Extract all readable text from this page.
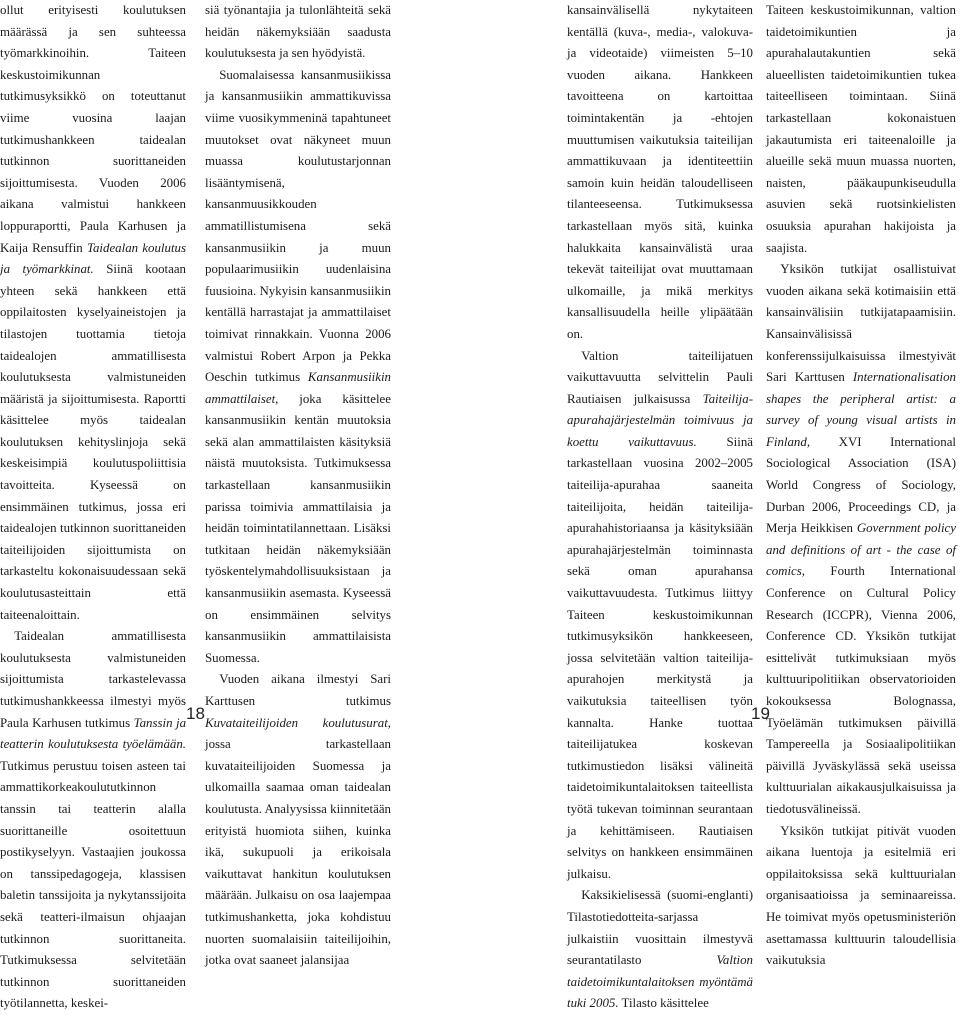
ollut erityisesti koulutuksen määrässä ja sen suhteessa työmarkkinoihin. Taiteen keskustoimikunnan tutkimusyksikkö on toteuttanut viime vuosina laajan tutkimushankkeen taidealan tutkinnon suorittaneiden sijoittumisesta. Vuoden 2006 aikana valmistui hankkeen loppuraportti, Paula Karhusen ja Kaija Rensuffin Taidealan koulutus ja työmarkkinat. Siinä kootaan yhteen sekä hankkeen että oppilaitosten kyselyaineistojen ja tilastojen tuottamia tietoja taidealojen ammatillisesta koulutuksesta valmistuneiden määristä ja sijoittumisesta. Raportti käsittelee myös taidealan koulutuksen kehityslinjoja sekä keskeisimpiä koulutuspoliittisia tavoitteita. Kyseessä on ensimmäinen tutkimus, jossa eri taidealojen tutkinnon suorittaneiden taiteilijoiden sijoittumista on tarkasteltu kokonaisuudessaan sekä koulutusasteittain että taiteenaloittain.

Taidealan ammatillisesta koulutuksesta valmistuneiden sijoittumista tarkastelevassa tutkimushankkeessa ilmestyi myös Paula Karhusen tutkimus Tanssin ja teatterin koulutuksesta työelämään. Tutkimus perustuu toisen asteen tai ammattikorkeakoulututkinnon tanssin tai teatterin alalla suorittaneille osoitettuun postikyselyyn. Vastaajien joukossa on tanssipedagogeja, klassisen baletin tanssijoita ja nykytanssijoita sekä teatteri-ilmaisun ohjaajan tutkinnon suorittaneita. Tutkimuksessa selvitetään tutkinnon suorittaneiden työtilannetta, keskei-

siä työnantajia ja tulonlähteitä sekä heidän näkemyksiään saadusta koulutuksesta ja sen hyödyistä.

Suomalaisessa kansanmusiikissa ja kansanmusiikin ammattikuvissa viime vuosikymmeninä tapahtuneet muutokset ovat näkyneet muun muassa koulutustarjonnan lisääntymisenä, kansanmuusikkouden ammatillistumisena sekä kansanmusiikin ja muun populaarimusiikin uudenlaisina fuusioina. Nykyisin kansanmusiikin kentällä harrastajat ja ammattilaiset toimivat rinnakkain. Vuonna 2006 valmistui Robert Arpon ja Pekka Oeschin tutkimus Kansanmusiikin ammattilaiset, joka käsittelee kansanmusiikin kentän muutoksia sekä alan ammattilaisten käsityksiä näistä muutoksista. Tutkimuksessa tarkastellaan kansanmusiikin parissa toimivia ammattilaisia ja heidän toimintatilannettaan. Lisäksi tutkitaan heidän näkemyksiään työskentelymahdollisuuksistaan ja kansanmusiikin asemasta. Kyseessä on ensimmäinen selvitys kansanmusiikin ammattilaisista Suomessa.

Vuoden aikana ilmestyi Sari Karttusen tutkimus Kuvataiteilijoiden koulutusurat, jossa tarkastellaan kuvataiteilijoiden Suomessa ja ulkomailla saamaa oman taidealan koulutusta. Analyysissa kiinnitetään erityistä huomiota siihen, kuinka ikä, sukupuoli ja erikoisala vaikuttavat hankitun koulutuksen määrään. Julkaisu on osa laajempaa tutkimushanketta, joka kohdistuu nuorten suomalaisiin taiteilijoihin, jotka ovat saaneet jalansijaa

kansainvälisellä nykytaiteen kentällä (kuva-, media-, valokuva- ja videotaide) viimeisten 5–10 vuoden aikana. Hankkeen tavoitteena on kartoittaa toimintakentän ja -ehtojen muuttumisen vaikutuksia taiteilijan ammattikuvaan ja identiteettiin samoin kuin heidän taloudelliseen tilanteeseensa. Tutkimuksessa tarkastellaan myös sitä, kuinka halukkaita kansainvälistä uraa tekevät taiteilijat ovat muuttamaan ulkomaille, ja mikä merkitys kansallisuudella heille ylipäätään on.

Valtion taiteilijatuen vaikuttavuutta selvittelin Pauli Rautiaisen julkaisussa Taiteilija-apurahajärjestelmän toimivuus ja koettu vaikuttavuus. Siinä tarkastellaan vuosina 2002–2005 taiteilija-apurahaa saaneita taiteilijoita, heidän taiteilija-apurahahistoriaansa ja käsityksiään apurahajärjestelmän toiminnasta sekä oman apurahansa vaikuttavuudesta. Tutkimus liittyy Taiteen keskustoimikunnan tutkimusyksikön hankkeeseen, jossa selvitetään valtion taiteilija-apurahojen merkitystä ja vaikutuksia taiteellisen työn kannalta. Hanke tuottaa taiteilijatukea koskevan tutkimustiedon lisäksi välineitä taidetoimikuntalaitoksen taiteellista työtä tukevan toiminnan seurantaan ja kehittämiseen. Rautiaisen selvitys on hankkeen ensimmäinen julkaisu.

Kaksikielisessä (suomi-englanti) Tilastotiedotteita-sarjassa julkaistiin vuosittain ilmestyvä seurantatilasto Valtion taidetoimikuntalaitoksen myöntämä tuki 2005. Tilasto käsittelee

Taiteen keskustoimikunnan, valtion taidetoimikuntien ja apurahalautakuntien sekä alueellisten taidetoimikuntien tukea taiteelliseen toimintaan. Siinä tarkastellaan kokonaistuen jakautumista eri taiteenaloille ja alueille sekä muun muassa nuorten, naisten, pääkaupunkiseudulla asuvien sekä ruotsinkielisten osuuksia apurahan hakijoista ja saajista.

Yksikön tutkijat osallistuivat vuoden aikana sekä kotimaisiin että kansainvälisiin tutkijatapaamisiin. Kansainvälisissä konferenssijulkaisuissa ilmestyivät Sari Karttusen Internationalisation shapes the peripheral artist: a survey of young visual artists in Finland, XVI International Sociological Association (ISA) World Congress of Sociology, Durban 2006, Proceedings CD, ja Merja Heikkisen Government policy and definitions of art - the case of comics, Fourth International Conference on Cultural Policy Research (ICCPR), Vienna 2006, Conference CD. Yksikön tutkijat esittelivät tutkimuksiaan myös kulttuuripolitiikan observatorioiden kokouksessa Bolognassa, Työelämän tutkimuksen päivillä Tampereella ja Sosiaalipolitiikan päivillä Jyväskylässä sekä useissa kulttuurialan aikakausjulkaisuissa ja tiedotusvälineissä.

Yksikön tutkijat pitivät vuoden aikana luentoja ja esitelmiä eri oppilaitoksissa sekä kulttuurialan organisaatioissa ja seminaareissa. He toimivat myös opetusministeriön asettamassa kulttuurin taloudellisia vaikutuksia

18	19
